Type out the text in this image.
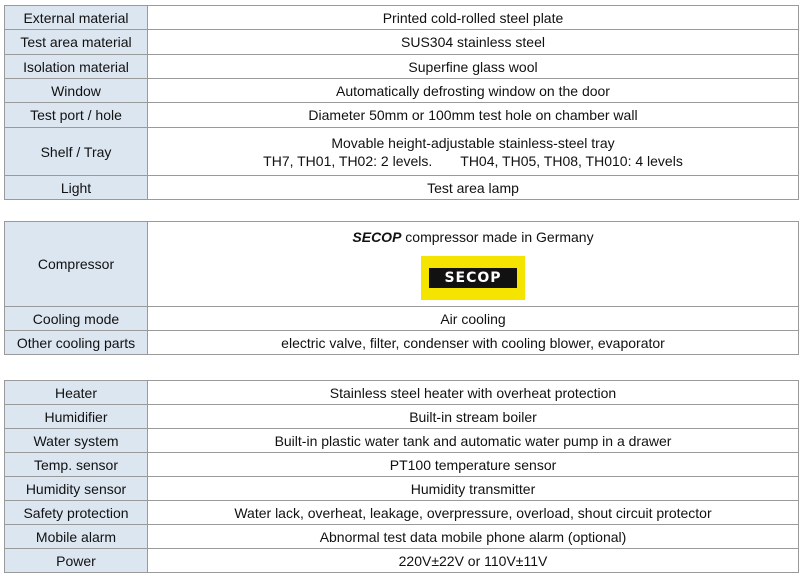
External material	Printed cold-rolled steel plate
Test area material	SUS304 stainless steel
Isolation material	Superfine glass wool
Window	Automatically defrosting window on the door
Test port / hole	Diameter 50mm or 100mm test hole on chamber wall
Shelf / Tray	Movable height-adjustable stainless-steel tray
TH7, TH01, TH02: 2 levels. TH04, TH05, TH08, TH010: 4 levels

Light	Test area lamp
Compressor	SECOP compressor made in Germany
SECOP

Cooling mode	Air cooling
Other cooling parts	electric valve, filter, condenser with cooling blower, evaporator
Heater	Stainless steel heater with overheat protection
Humidifier	Built-in stream boiler
Water system	Built-in plastic water tank and automatic water pump in a drawer
Temp. sensor	PT100 temperature sensor
Humidity sensor	Humidity transmitter
Safety protection	Water lack, overheat, leakage, overpressure, overload, shout circuit protector
Mobile alarm	Abnormal test data mobile phone alarm (optional)
Power	220V±22V or 110V±11V
